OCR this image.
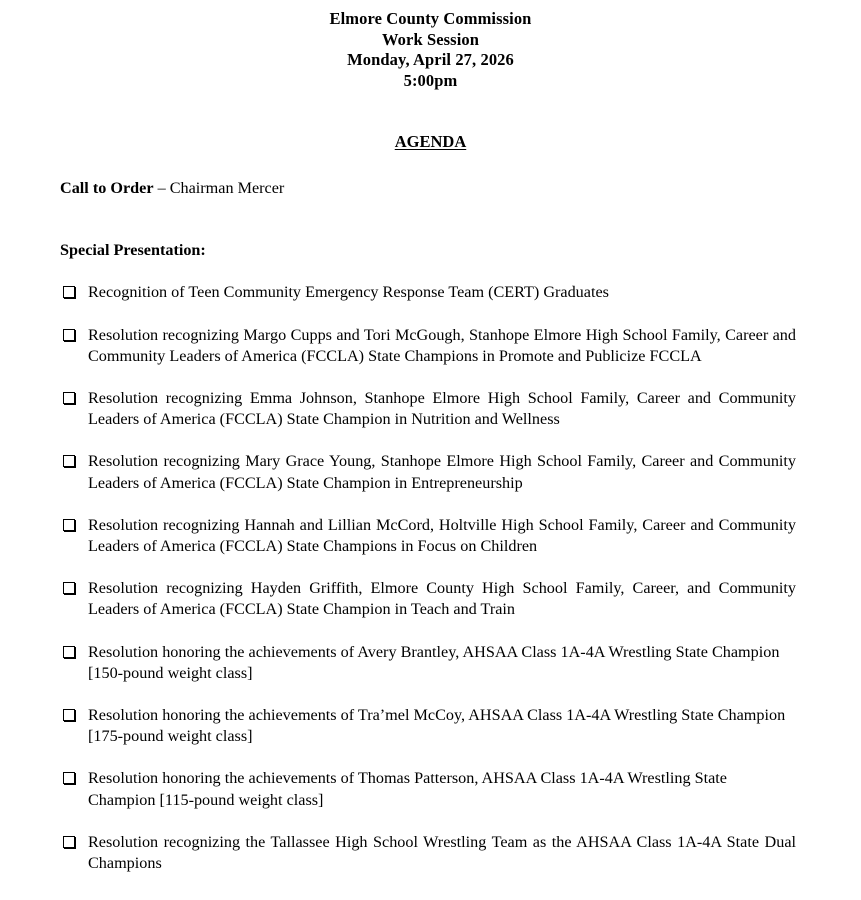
Elmore County Commission
Work Session
Monday, April 27, 2026
5:00pm
AGENDA
Call to Order – Chairman Mercer
Special Presentation:
Recognition of Teen Community Emergency Response Team (CERT) Graduates
Resolution recognizing Margo Cupps and Tori McGough, Stanhope Elmore High School Family, Career and Community Leaders of America (FCCLA) State Champions in Promote and Publicize FCCLA
Resolution recognizing Emma Johnson, Stanhope Elmore High School Family, Career and Community Leaders of America (FCCLA) State Champion in Nutrition and Wellness
Resolution recognizing Mary Grace Young, Stanhope Elmore High School Family, Career and Community Leaders of America (FCCLA) State Champion in Entrepreneurship
Resolution recognizing Hannah and Lillian McCord, Holtville High School Family, Career and Community Leaders of America (FCCLA) State Champions in Focus on Children
Resolution recognizing Hayden Griffith, Elmore County High School Family, Career, and Community Leaders of America (FCCLA) State Champion in Teach and Train
Resolution honoring the achievements of Avery Brantley, AHSAA Class 1A-4A Wrestling State Champion [150-pound weight class]
Resolution honoring the achievements of Tra’mel McCoy, AHSAA Class 1A-4A Wrestling State Champion [175-pound weight class]
Resolution honoring the achievements of Thomas Patterson, AHSAA Class 1A-4A Wrestling State Champion [115-pound weight class]
Resolution recognizing the Tallassee High School Wrestling Team as the AHSAA Class 1A-4A State Dual Champions
